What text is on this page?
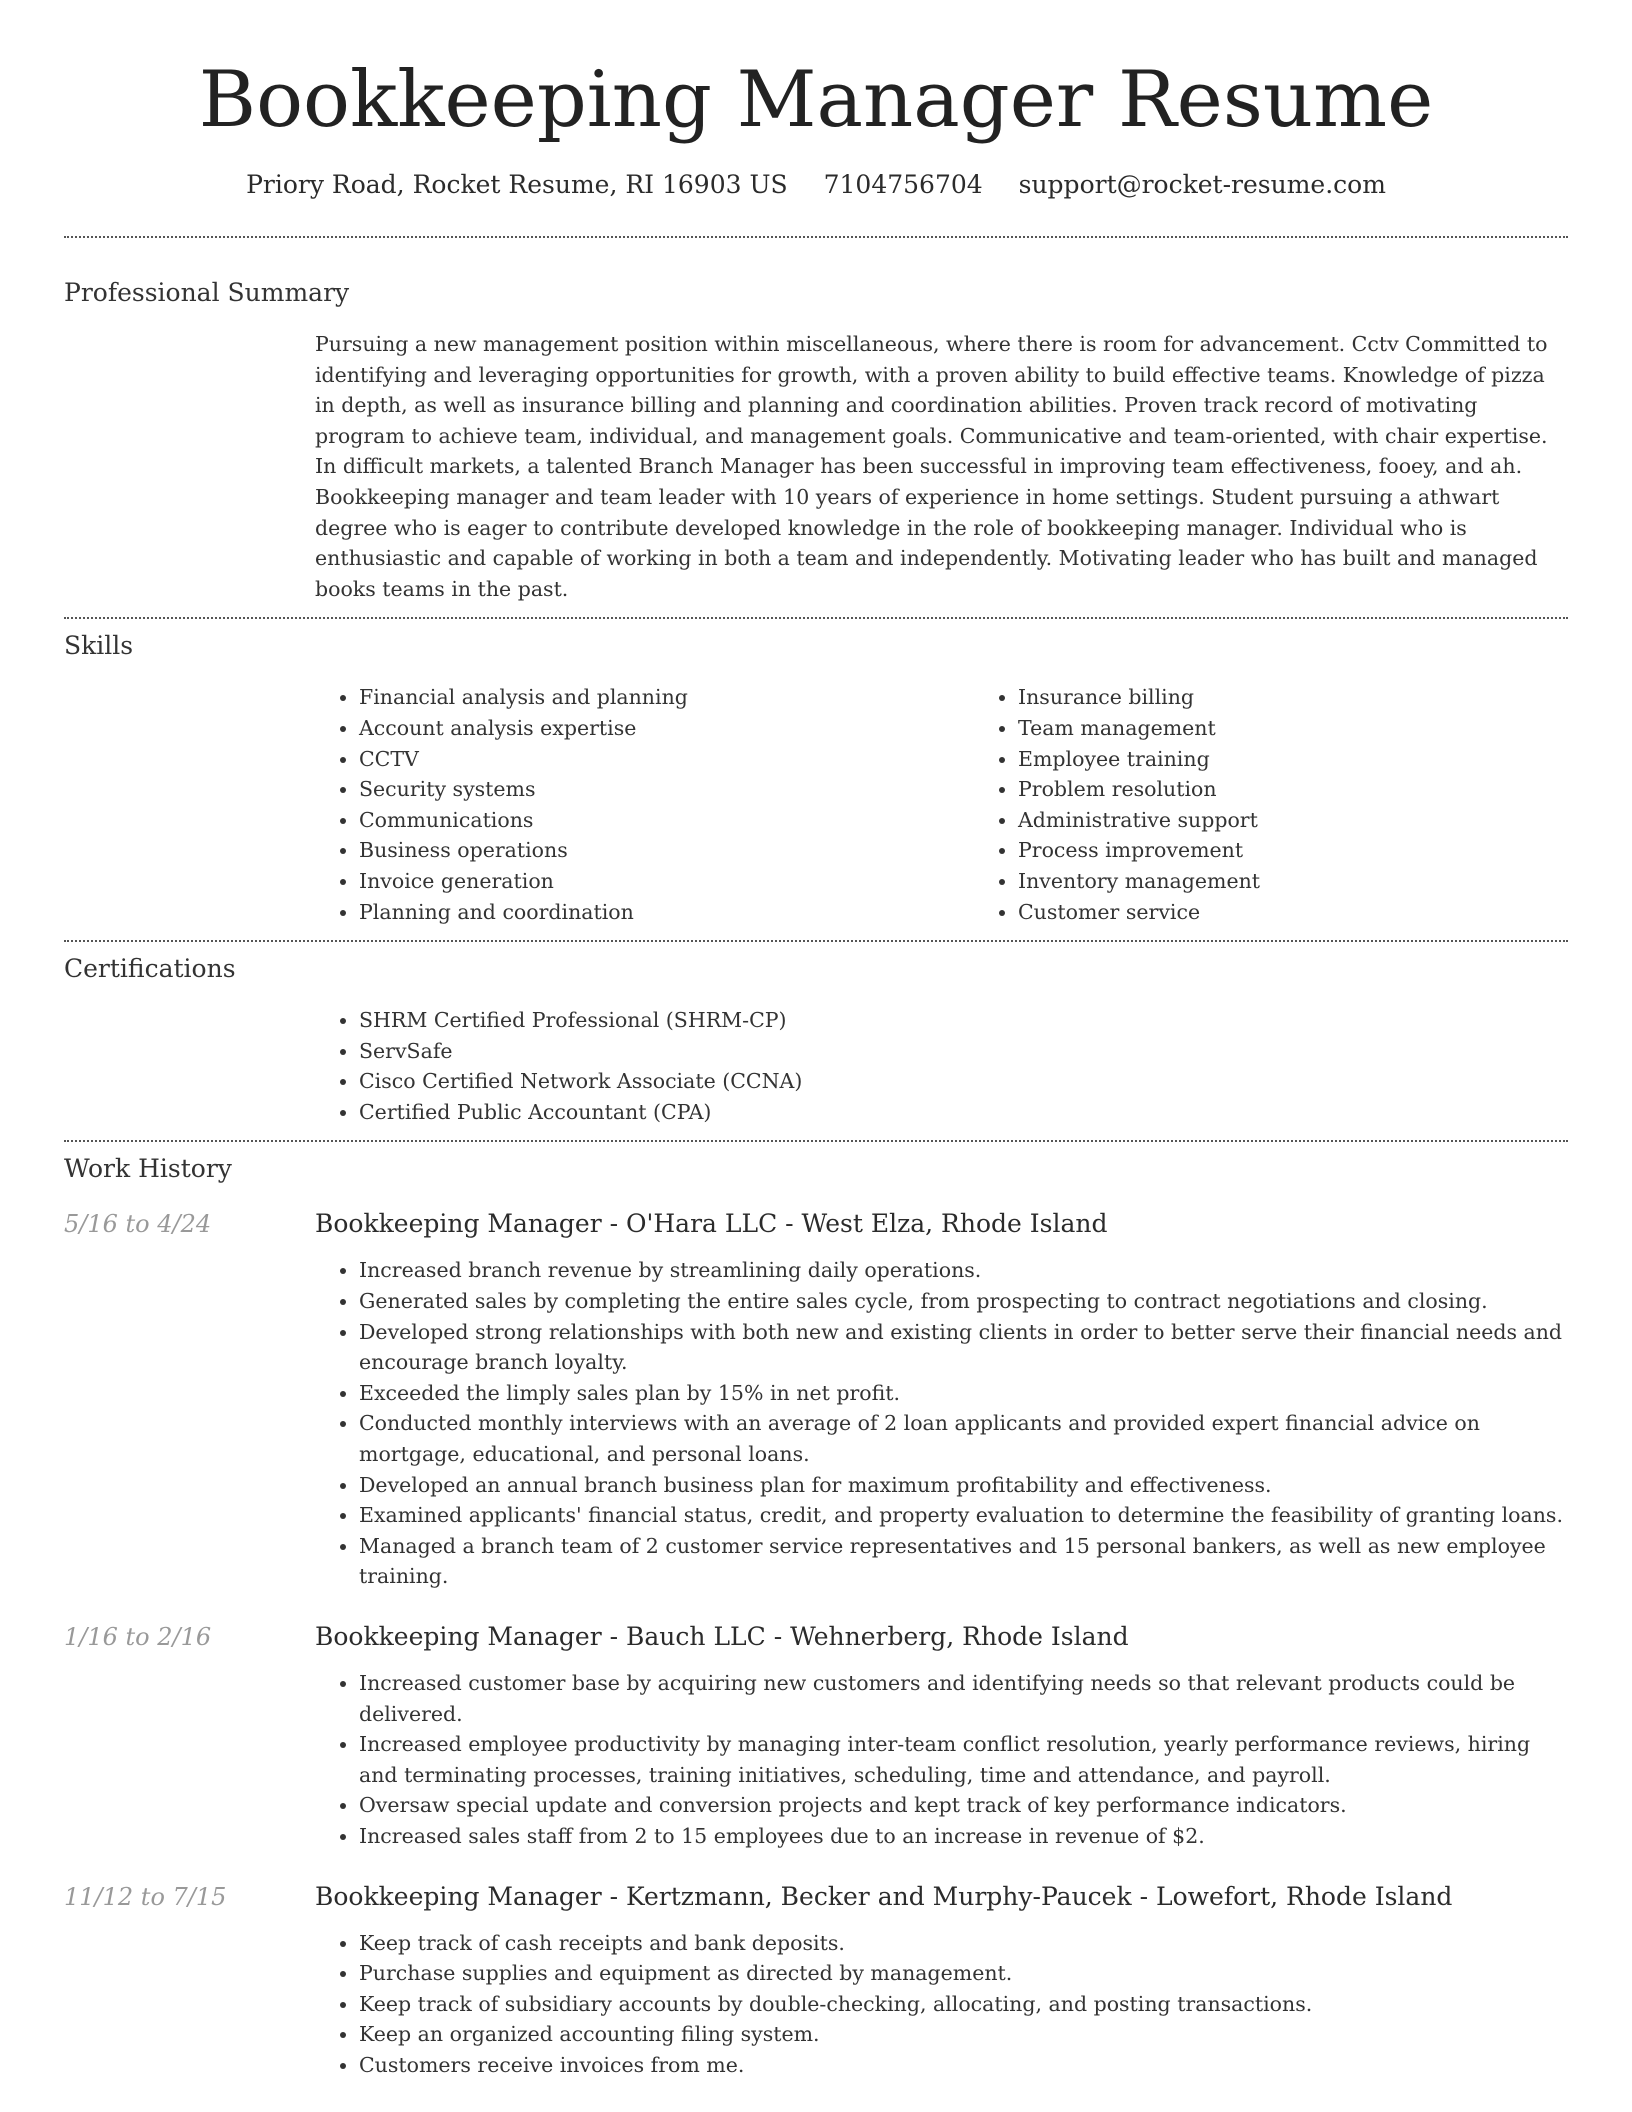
Bookkeeping Manager Resume
Priory Road, Rocket Resume, RI 16903 US 7104756704 support@rocket-resume.com
Professional Summary

Pursuing a new management position within miscellaneous, where there is room for advancement. Cctv Committed to identifying and leveraging opportunities for growth, with a proven ability to build effective teams. Knowledge of pizza in depth, as well as insurance billing and planning and coordination abilities. Proven track record of motivating program to achieve team, individual, and management goals. Communicative and team-oriented, with chair expertise. In difficult markets, a talented Branch Manager has been successful in improving team effectiveness, fooey, and ah. Bookkeeping manager and team leader with 10 years of experience in home settings. Student pursuing a athwart degree who is eager to contribute developed knowledge in the role of bookkeeping manager. Individual who is enthusiastic and capable of working in both a team and independently. Motivating leader who has built and managed books teams in the past.

Skills
• Financial analysis and planning
• Account analysis expertise
• CCTV
• Security systems
• Communications
• Business operations
• Invoice generation
• Planning and coordination
• Insurance billing
• Team management
• Employee training
• Problem resolution
• Administrative support
• Process improvement
• Inventory management
• Customer service
Certifications
• SHRM Certified Professional (SHRM-CP)
• ServSafe
• Cisco Certified Network Associate (CCNA)
• Certified Public Accountant (CPA)
Work History
5/16 to 4/24	Bookkeeping Manager - O'Hara LLC - West Elza, Rhode Island
• Increased branch revenue by streamlining daily operations.
• Generated sales by completing the entire sales cycle, from prospecting to contract negotiations and closing.
• Developed strong relationships with both new and existing clients in order to better serve their financial needs and encourage branch loyalty.
• Exceeded the limply sales plan by 15% in net profit.
• Conducted monthly interviews with an average of 2 loan applicants and provided expert financial advice on mortgage, educational, and personal loans.
• Developed an annual branch business plan for maximum profitability and effectiveness.
• Examined applicants' financial status, credit, and property evaluation to determine the feasibility of granting loans.
• Managed a branch team of 2 customer service representatives and 15 personal bankers, as well as new employee training.
1/16 to 2/16	Bookkeeping Manager - Bauch LLC - Wehnerberg, Rhode Island
• Increased customer base by acquiring new customers and identifying needs so that relevant products could be delivered.
• Increased employee productivity by managing inter-team conflict resolution, yearly performance reviews, hiring and terminating processes, training initiatives, scheduling, time and attendance, and payroll.
• Oversaw special update and conversion projects and kept track of key performance indicators.
• Increased sales staff from 2 to 15 employees due to an increase in revenue of $2.
11/12 to 7/15	Bookkeeping Manager - Kertzmann, Becker and Murphy-Paucek - Lowefort, Rhode Island
• Keep track of cash receipts and bank deposits.
• Purchase supplies and equipment as directed by management.
• Keep track of subsidiary accounts by double-checking, allocating, and posting transactions.
• Keep an organized accounting filing system.
• Customers receive invoices from me.
